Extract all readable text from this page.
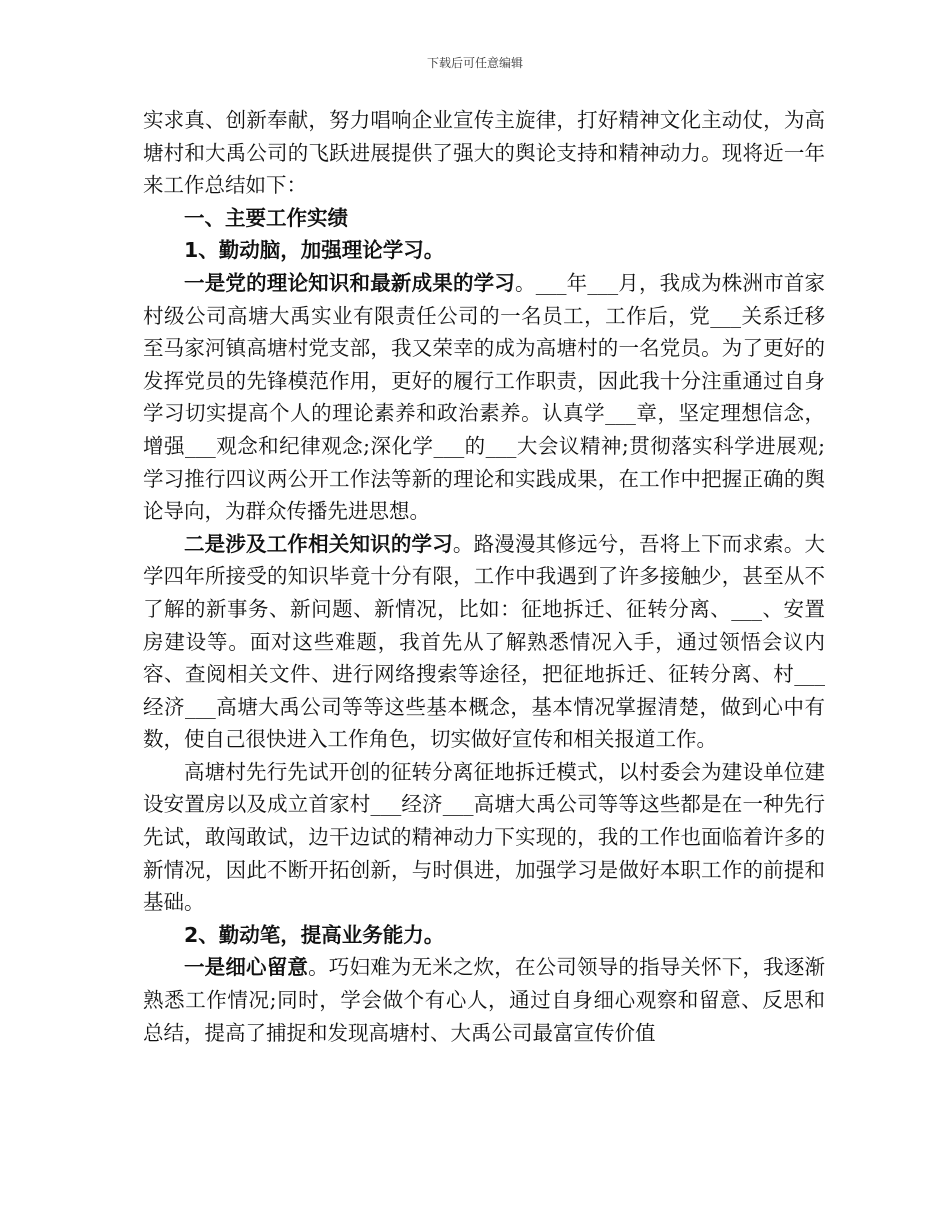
下载后可任意编辑

实求真、创新奉献，努力唱响企业宣传主旋律，打好精神文化主动仗，为高塘村和大禹公司的飞跃进展提供了强大的舆论支持和精神动力。现将近一年来工作总结如下：

一、主要工作实绩

1、勤动脑，加强理论学习。

一是党的理论知识和最新成果的学习。___年___月，我成为株洲市首家村级公司高塘大禹实业有限责任公司的一名员工，工作后，党___关系迁移至马家河镇高塘村党支部，我又荣幸的成为高塘村的一名党员。为了更好的发挥党员的先锋模范作用，更好的履行工作职责，因此我十分注重通过自身学习切实提高个人的理论素养和政治素养。认真学___章，坚定理想信念，增强___观念和纪律观念;深化学___的___大会议精神;贯彻落实科学进展观;学习推行四议两公开工作法等新的理论和实践成果，在工作中把握正确的舆论导向，为群众传播先进思想。

二是涉及工作相关知识的学习。路漫漫其修远兮，吾将上下而求索。大学四年所接受的知识毕竟十分有限，工作中我遇到了许多接触少，甚至从不了解的新事务、新问题、新情况，比如：征地拆迁、征转分离、___、安置房建设等。面对这些难题，我首先从了解熟悉情况入手，通过领悟会议内容、查阅相关文件、进行网络搜索等途径，把征地拆迁、征转分离、村___经济___高塘大禹公司等等这些基本概念，基本情况掌握清楚，做到心中有数，使自己很快进入工作角色，切实做好宣传和相关报道工作。

高塘村先行先试开创的征转分离征地拆迁模式，以村委会为建设单位建设安置房以及成立首家村___经济___高塘大禹公司等等这些都是在一种先行先试，敢闯敢试，边干边试的精神动力下实现的，我的工作也面临着许多的新情况，因此不断开拓创新，与时俱进，加强学习是做好本职工作的前提和基础。

2、勤动笔，提高业务能力。

一是细心留意。巧妇难为无米之炊，在公司领导的指导关怀下，我逐渐熟悉工作情况;同时，学会做个有心人，通过自身细心观察和留意、反思和总结，提高了捕捉和发现高塘村、大禹公司最富宣传价值
